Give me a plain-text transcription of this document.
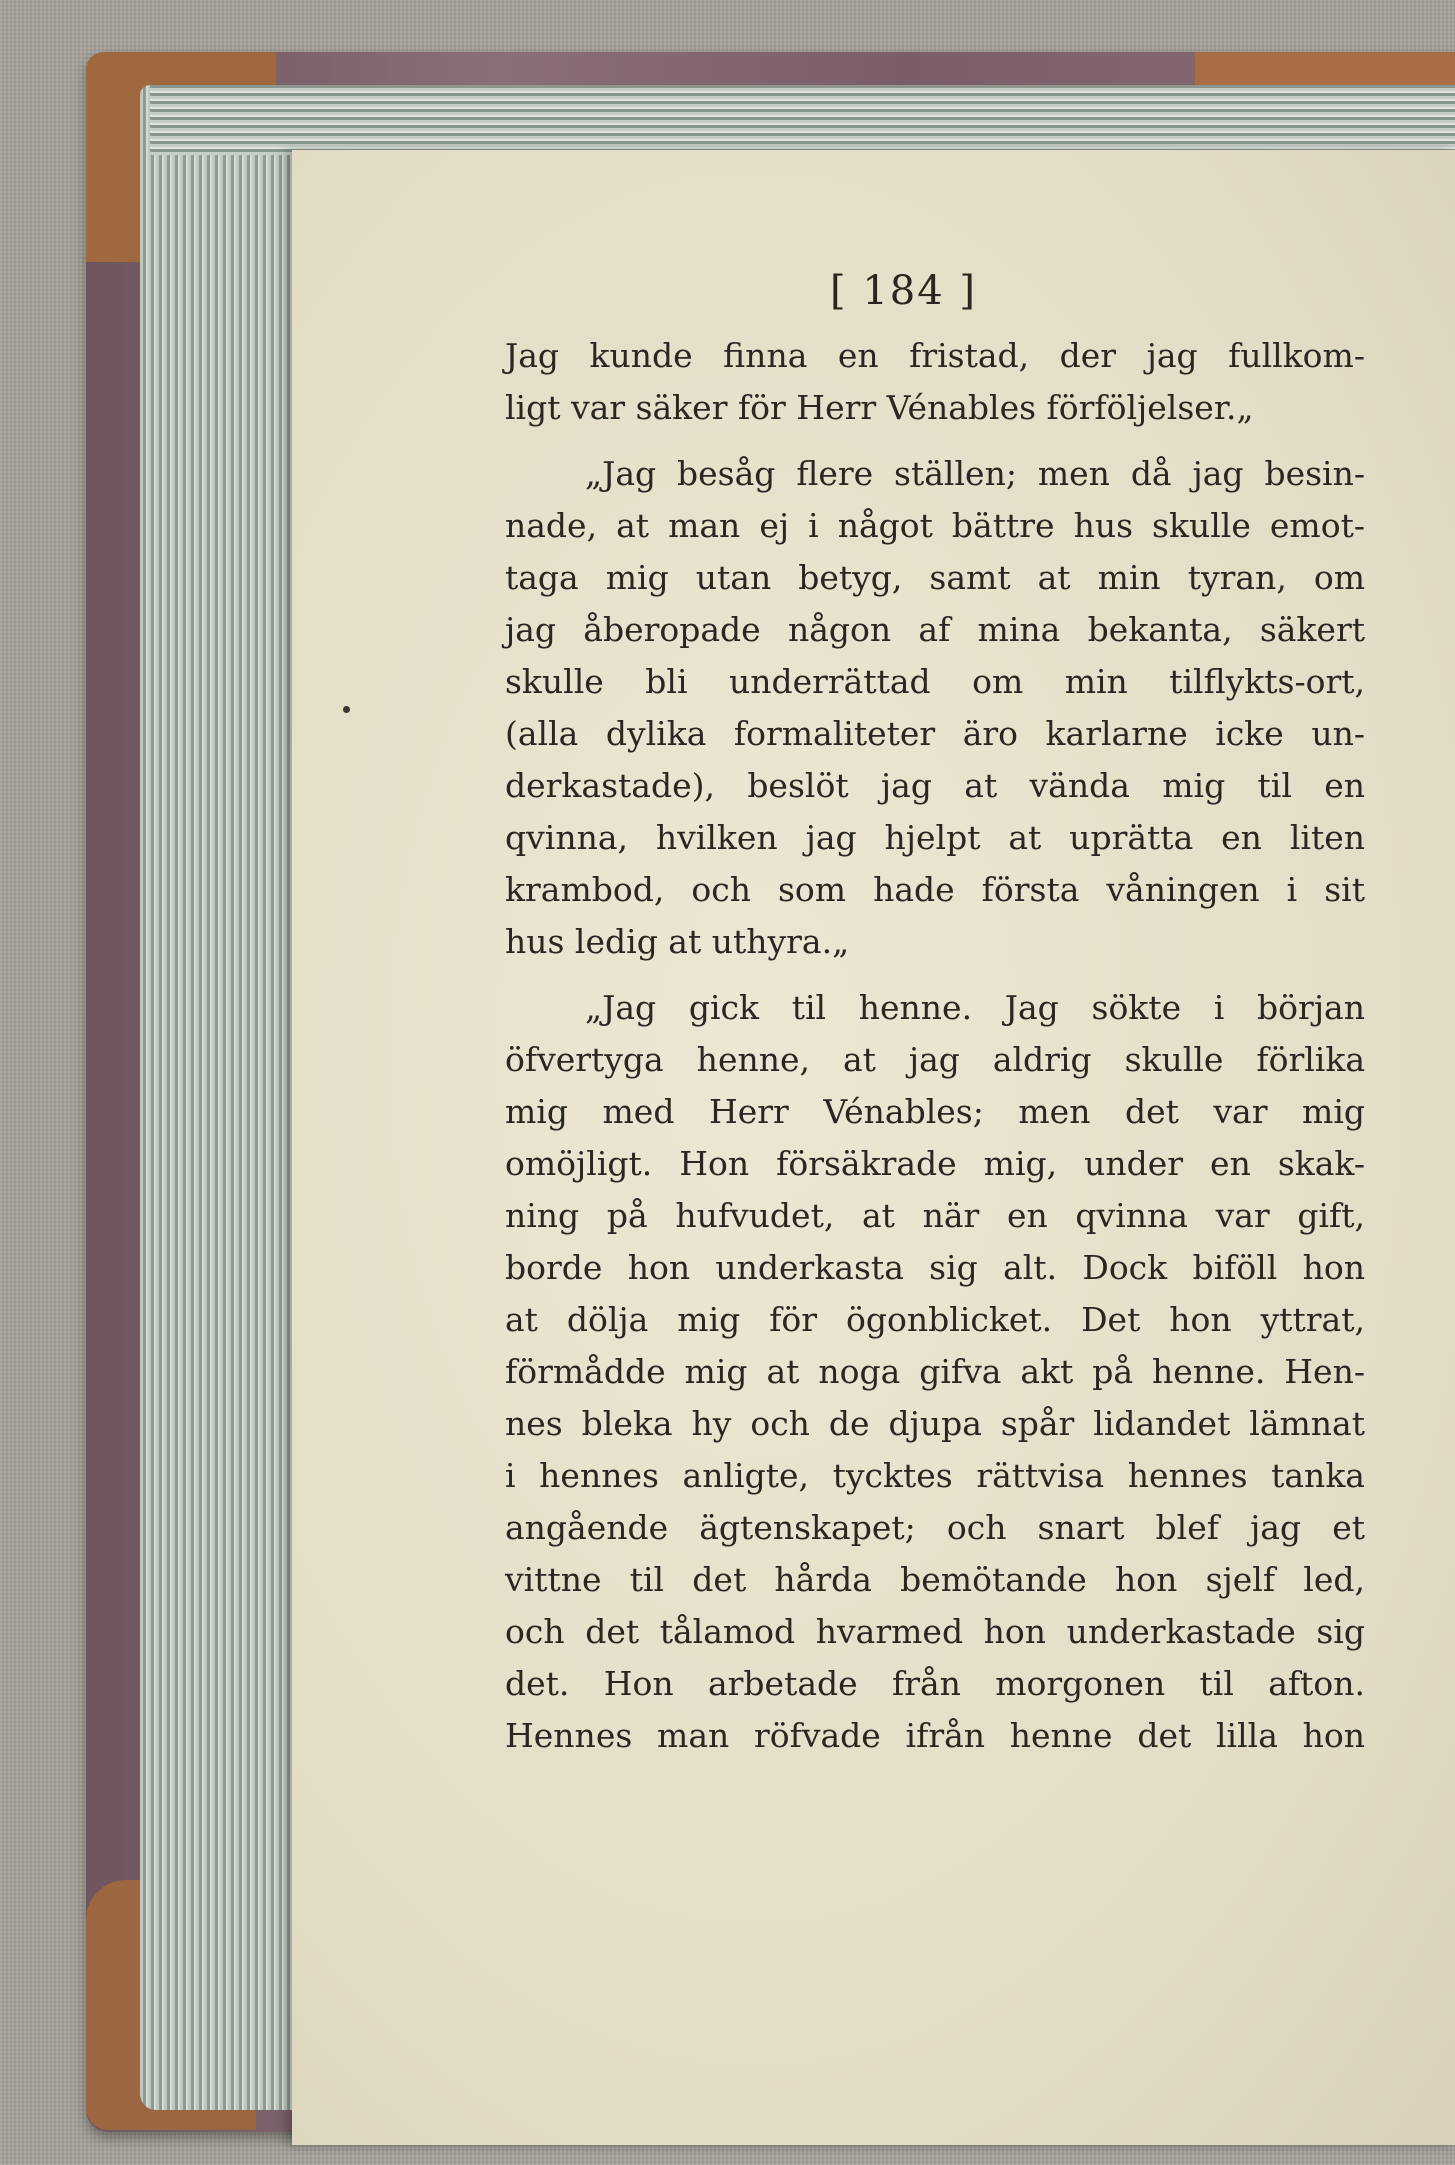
[ 184 ]

Jag kunde finna en fristad, der jag fullkom-
ligt var säker för Herr Vénables förföljelser.„

„Jag besåg flere ställen; men då jag besin-
nade, at man ej i något bättre hus skulle emot-
taga mig utan betyg, samt at min tyran, om
jag åberopade någon af mina bekanta, säkert
skulle bli underrättad om min tilflykts-ort,
(alla dylika formaliteter äro karlarne icke un-
derkastade), beslöt jag at vända mig til en
qvinna, hvilken jag hjelpt at uprätta en liten
krambod, och som hade första våningen i sit
hus ledig at uthyra.„

„Jag gick til henne. Jag sökte i början
öfvertyga henne, at jag aldrig skulle förlika
mig med Herr Vénables; men det var mig
omöjligt. Hon försäkrade mig, under en skak-
ning på hufvudet, at när en qvinna var gift,
borde hon underkasta sig alt. Dock biföll hon
at dölja mig för ögonblicket. Det hon yttrat,
förmådde mig at noga gifva akt på henne. Hen-
nes bleka hy och de djupa spår lidandet lämnat
i hennes anligte, tycktes rättvisa hennes tanka
angående ägtenskapet; och snart blef jag et
vittne til det hårda bemötande hon sjelf led,
och det tålamod hvarmed hon underkastade sig
det. Hon arbetade från morgonen til afton.
Hennes man röfvade ifrån henne det lilla hon
